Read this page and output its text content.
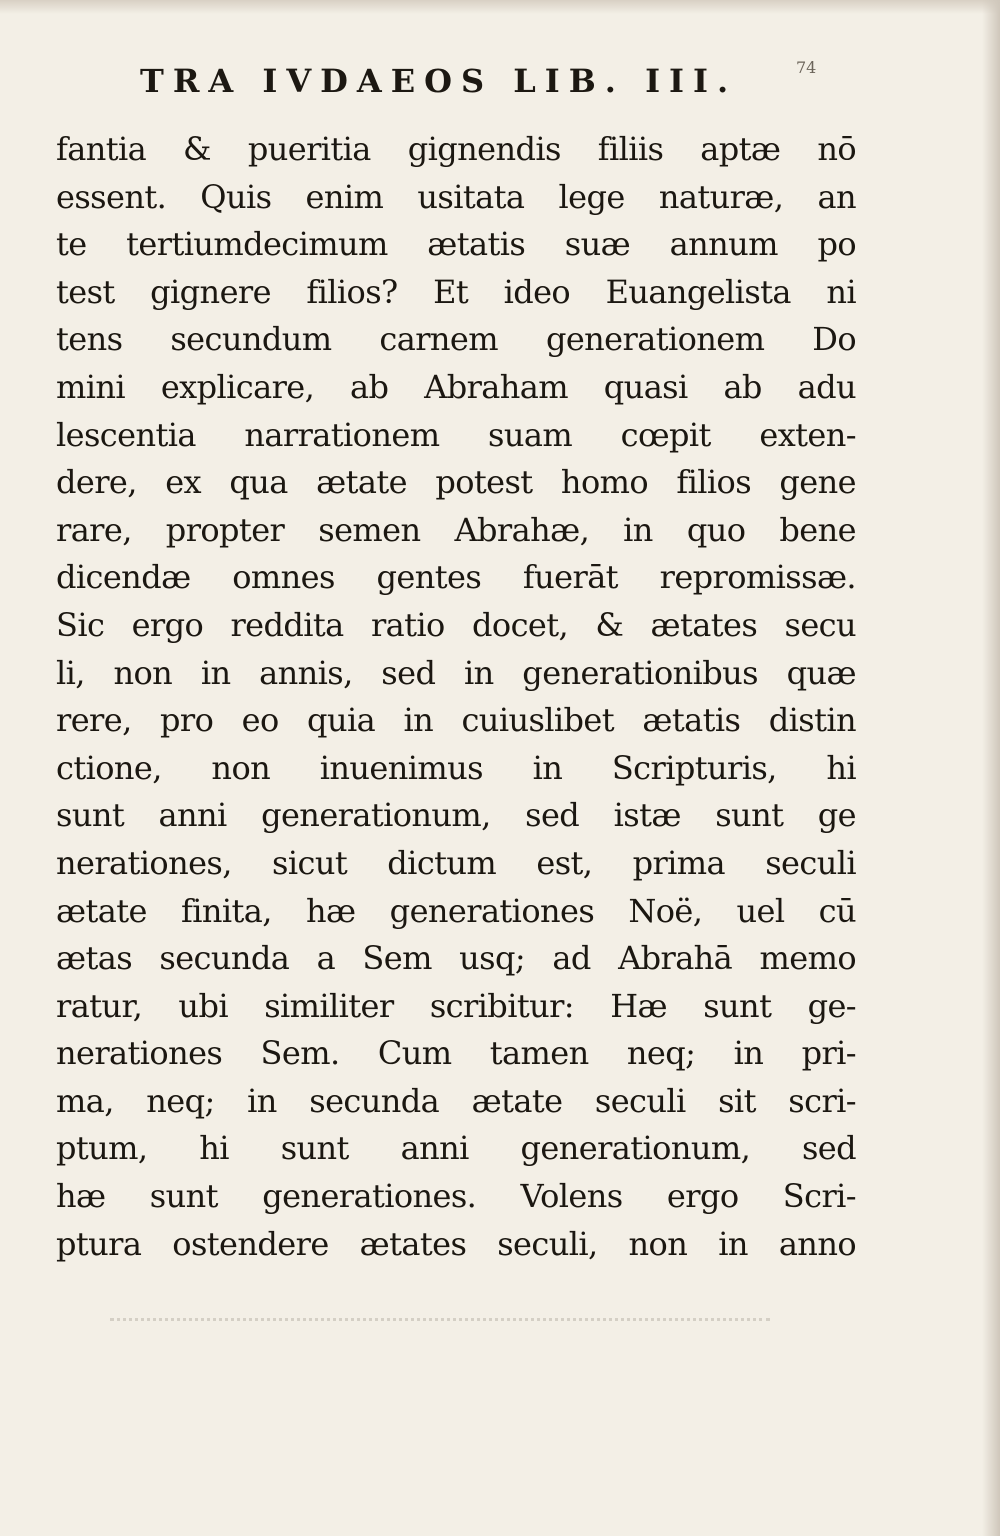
TRA IVDAEOS LIB. III.	74
fantia & pueritia gignendis filiis aptæ nō
essent. Quis enim usitata lege naturæ, an
te tertiumdecimum ætatis suæ annum po
test gignere filios? Et ideo Euangelista ni
tens secundum carnem generationem Do
mini explicare, ab Abraham quasi ab adu
lescentia narrationem suam cœpit exten-
dere, ex qua ætate potest homo filios gene
rare, propter semen Abrahæ, in quo bene
dicendæ omnes gentes fuerāt repromissæ.
Sic ergo reddita ratio docet, & ætates secu
li, non in annis, sed in generationibus quæ
rere, pro eo quia in cuiuslibet ætatis distin
ctione, non inuenimus in Scripturis, hi
sunt anni generationum, sed istæ sunt ge
nerationes, sicut dictum est, prima seculi
ætate finita, hæ generationes Noë, uel cū
ætas secunda a Sem usq; ad Abrahā memo
ratur, ubi similiter scribitur: Hæ sunt ge-
nerationes Sem. Cum tamen neq; in pri-
ma, neq; in secunda ætate seculi sit scri-
ptum, hi sunt anni generationum, sed
hæ sunt generationes. Volens ergo Scri-
ptura ostendere ætates seculi, non in anno
